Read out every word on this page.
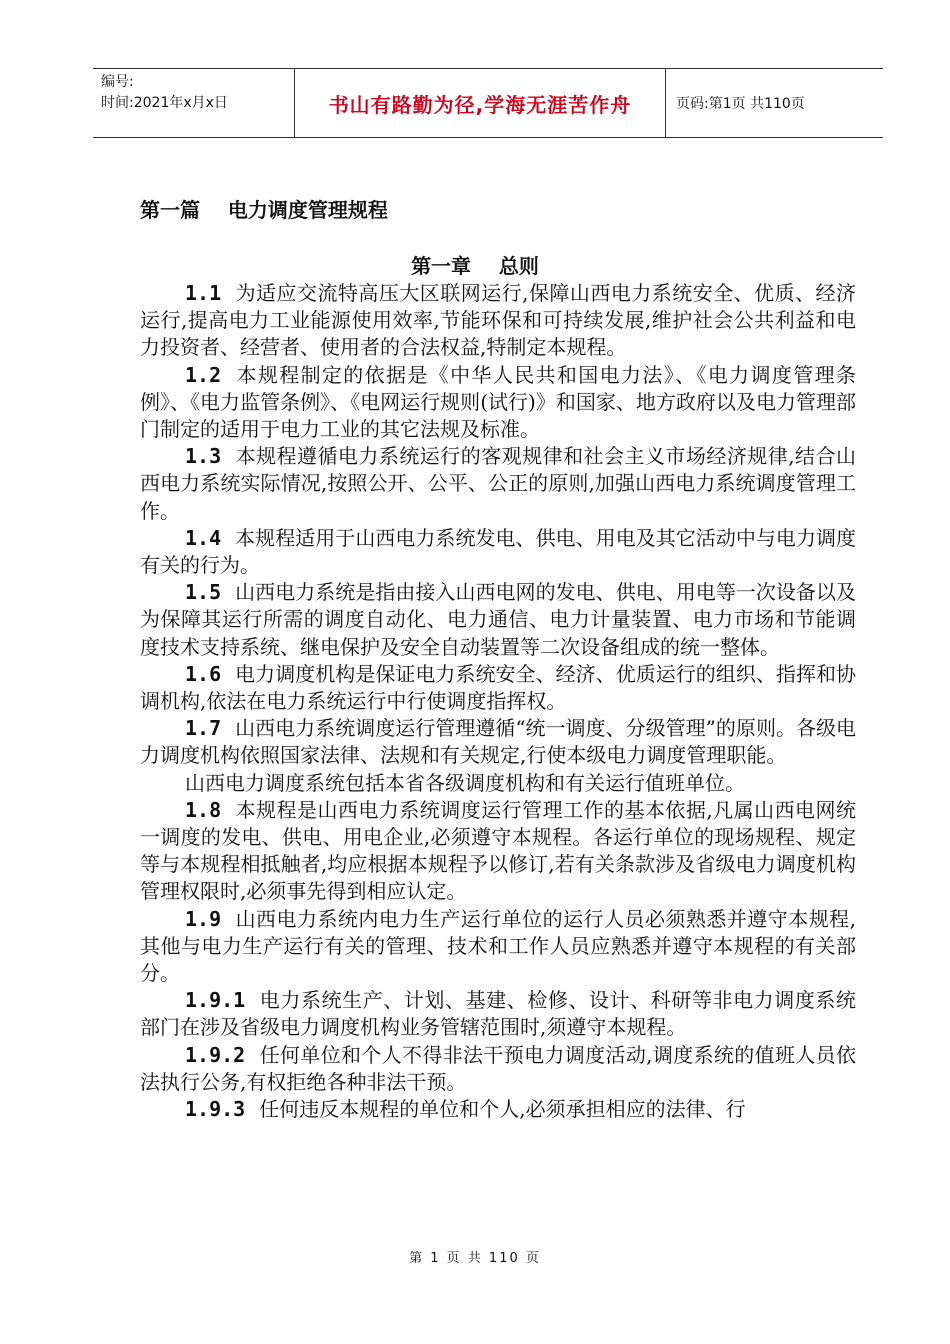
编号:
时间:2021年x月x日	书山有路勤为径,学海无涯苦作舟	页码:第1页 共110页
第一篇    电力调度管理规程
第一章    总则

1.1 为适应交流特高压大区联网运行,保障山西电力系统安全、优质、经济运行,提高电力工业能源使用效率,节能环保和可持续发展,维护社会公共利益和电力投资者、经营者、使用者的合法权益,特制定本规程。

1.2 本规程制定的依据是《中华人民共和国电力法》、《电力调度管理条例》、《电力监管条例》、《电网运行规则(试行)》和国家、地方政府以及电力管理部门制定的适用于电力工业的其它法规及标准。

1.3 本规程遵循电力系统运行的客观规律和社会主义市场经济规律,结合山西电力系统实际情况,按照公开、公平、公正的原则,加强山西电力系统调度管理工作。

1.4 本规程适用于山西电力系统发电、供电、用电及其它活动中与电力调度有关的行为。

1.5 山西电力系统是指由接入山西电网的发电、供电、用电等一次设备以及为保障其运行所需的调度自动化、电力通信、电力计量装置、电力市场和节能调度技术支持系统、继电保护及安全自动装置等二次设备组成的统一整体。

1.6 电力调度机构是保证电力系统安全、经济、优质运行的组织、指挥和协调机构,依法在电力系统运行中行使调度指挥权。

1.7 山西电力系统调度运行管理遵循“统一调度、分级管理”的原则。各级电力调度机构依照国家法律、法规和有关规定,行使本级电力调度管理职能。

山西电力调度系统包括本省各级调度机构和有关运行值班单位。

1.8 本规程是山西电力系统调度运行管理工作的基本依据,凡属山西电网统一调度的发电、供电、用电企业,必须遵守本规程。各运行单位的现场规程、规定等与本规程相抵触者,均应根据本规程予以修订,若有关条款涉及省级电力调度机构管理权限时,必须事先得到相应认定。

1.9 山西电力系统内电力生产运行单位的运行人员必须熟悉并遵守本规程,其他与电力生产运行有关的管理、技术和工作人员应熟悉并遵守本规程的有关部分。

1.9.1 电力系统生产、计划、基建、检修、设计、科研等非电力调度系统部门在涉及省级电力调度机构业务管辖范围时,须遵守本规程。

1.9.2 任何单位和个人不得非法干预电力调度活动,调度系统的值班人员依法执行公务,有权拒绝各种非法干预。

1.9.3 任何违反本规程的单位和个人,必须承担相应的法律、行

第 1 页 共 110 页
